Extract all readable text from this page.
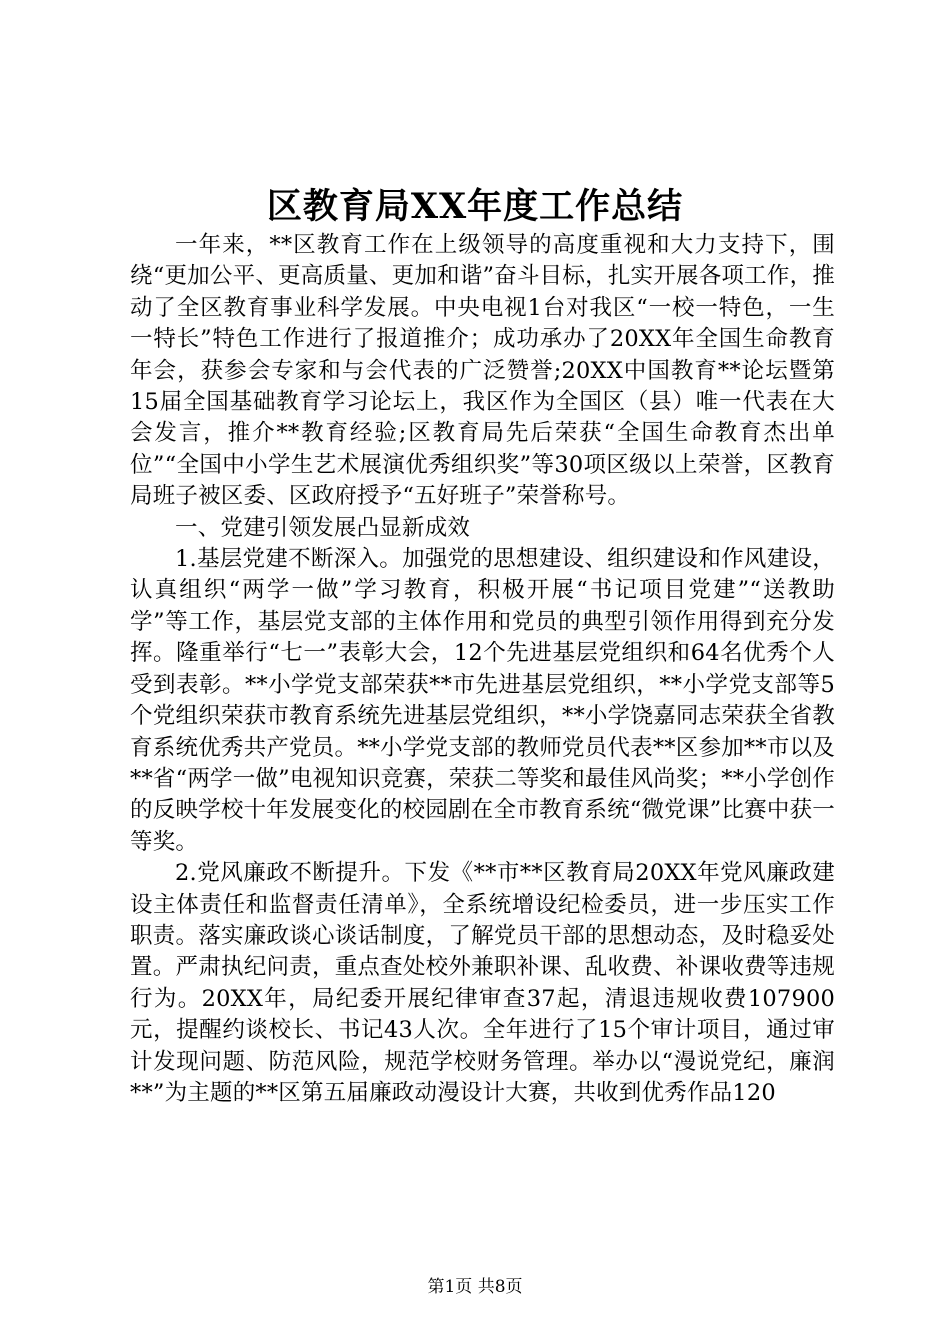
区教育局XX年度工作总结

一年来，**区教育工作在上级领导的高度重视和大力支持下，围绕“更加公平、更高质量、更加和谐”奋斗目标，扎实开展各项工作，推动了全区教育事业科学发展。中央电视1台对我区“一校一特色，一生一特长”特色工作进行了报道推介；成功承办了20XX年全国生命教育年会，获参会专家和与会代表的广泛赞誉;20XX中国教育**论坛暨第15届全国基础教育学习论坛上，我区作为全国区（县）唯一代表在大会发言，推介**教育经验;区教育局先后荣获“全国生命教育杰出单位”“全国中小学生艺术展演优秀组织奖”等30项区级以上荣誉，区教育局班子被区委、区政府授予“五好班子”荣誉称号。

一、党建引领发展凸显新成效

1.基层党建不断深入。加强党的思想建设、组织建设和作风建设，认真组织“两学一做”学习教育，积极开展“书记项目党建”“送教助学”等工作，基层党支部的主体作用和党员的典型引领作用得到充分发挥。隆重举行“七一”表彰大会，12个先进基层党组织和64名优秀个人受到表彰。**小学党支部荣获**市先进基层党组织，**小学党支部等5个党组织荣获市教育系统先进基层党组织，**小学饶嘉同志荣获全省教育系统优秀共产党员。**小学党支部的教师党员代表**区参加**市以及**省“两学一做”电视知识竞赛，荣获二等奖和最佳风尚奖；**小学创作的反映学校十年发展变化的校园剧在全市教育系统“微党课”比赛中获一等奖。

2.党风廉政不断提升。下发《**市**区教育局20XX年党风廉政建设主体责任和监督责任清单》，全系统增设纪检委员，进一步压实工作职责。落实廉政谈心谈话制度，了解党员干部的思想动态，及时稳妥处置。严肃执纪问责，重点查处校外兼职补课、乱收费、补课收费等违规行为。20XX年，局纪委开展纪律审查37起，清退违规收费107900元，提醒约谈校长、书记43人次。全年进行了15个审计项目，通过审计发现问题、防范风险，规范学校财务管理。举办以“漫说党纪，廉润**”为主题的**区第五届廉政动漫设计大赛，共收到优秀作品120

第1页 共8页
